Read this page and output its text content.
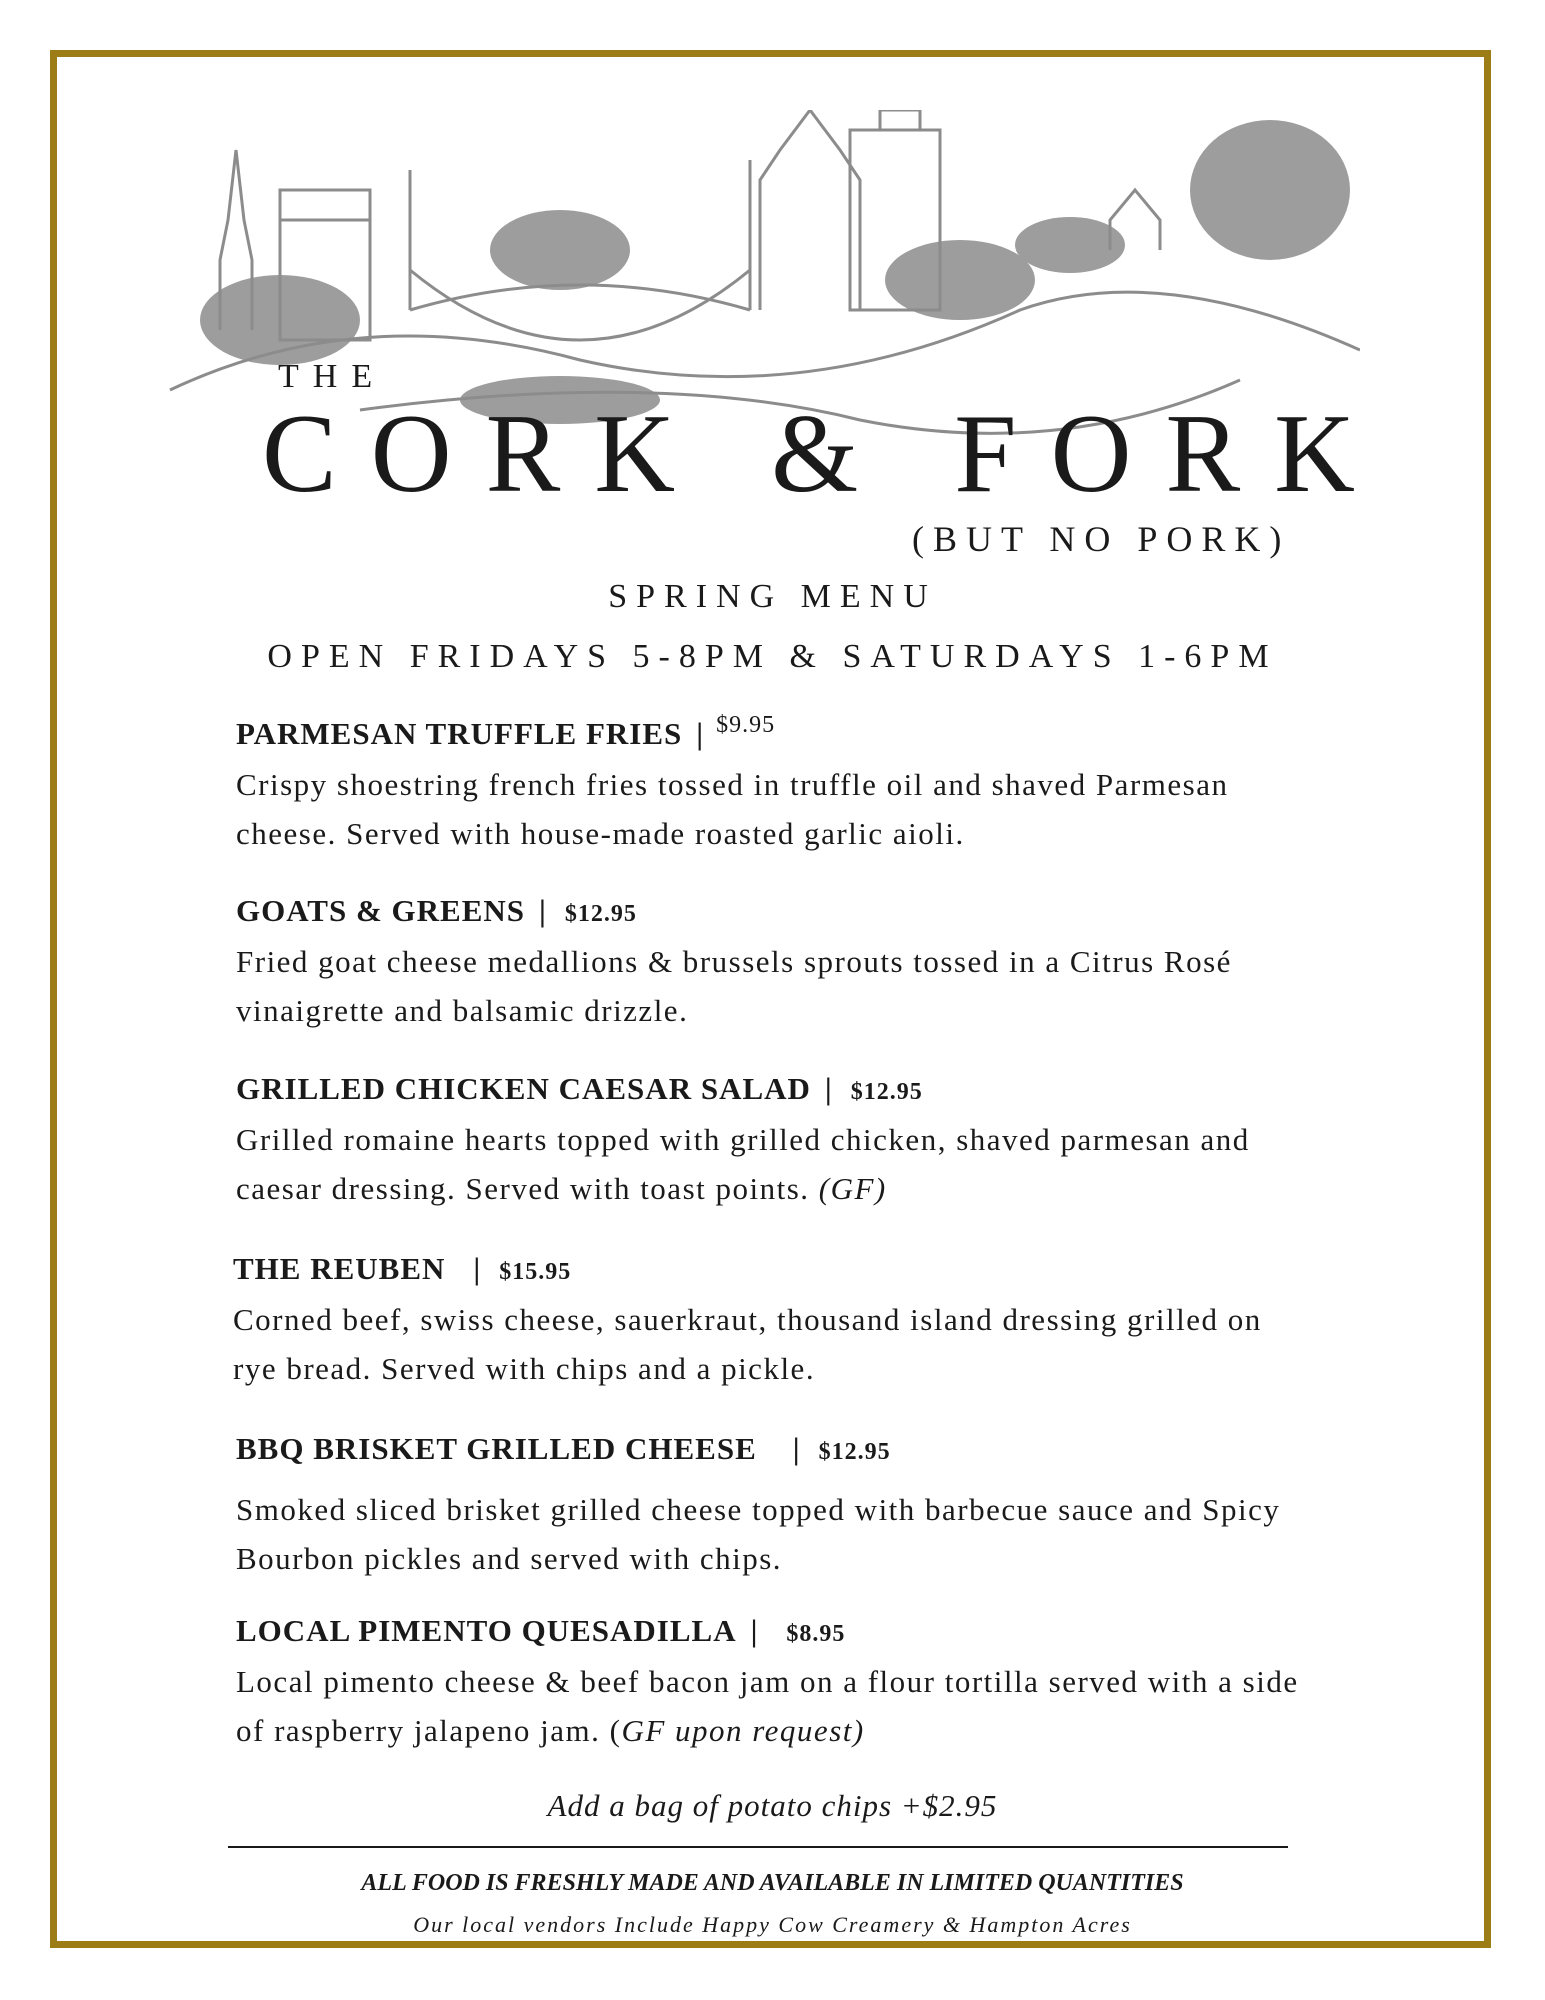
THE
CORK & FORK
(BUT NO PORK)
SPRING MENU
OPEN FRIDAYS 5-8PM & SATURDAYS 1-6PM
PARMESAN TRUFFLE FRIES | $^{\$9.95}$
Crispy shoestring french fries tossed in truffle oil and shaved Parmesan cheese. Served with house-made roasted garlic aioli.
GOATS & GREENS | $12.95
Fried goat cheese medallions & brussels sprouts tossed in a Citrus Rosé vinaigrette and balsamic drizzle.
GRILLED CHICKEN CAESAR SALAD | $12.95
Grilled romaine hearts topped with grilled chicken, shaved parmesan and caesar dressing. Served with toast points. (GF)
THE REUBEN | $15.95
Corned beef, swiss cheese, sauerkraut, thousand island dressing grilled on rye bread. Served with chips and a pickle.
BBQ BRISKET GRILLED CHEESE | $12.95
Smoked sliced brisket grilled cheese topped with barbecue sauce and Spicy Bourbon pickles and served with chips.
LOCAL PIMENTO QUESADILLA | $8.95
Local pimento cheese & beef bacon jam on a flour tortilla served with a side of raspberry jalapeno jam. (GF upon request)
Add a bag of potato chips +$2.95
ALL FOOD IS FRESHLY MADE AND AVAILABLE IN LIMITED QUANTITIES
Our local vendors Include Happy Cow Creamery & Hampton Acres
